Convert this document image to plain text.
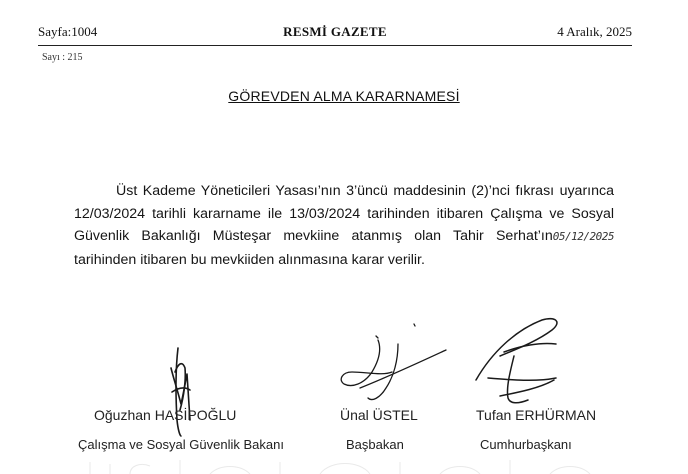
Sayfa:1004	RESMİ GAZETE	4 Aralık, 2025
Sayı : 215
GÖREVDEN ALMA KARARNAMESİ

Üst Kademe Yöneticileri Yasası’nın 3’üncü maddesinin (2)’nci fıkrası uyarınca 12/03/2024 tarihli kararname ile 13/03/2024 tarihinden itibaren Çalışma ve Sosyal Güvenlik Bakanlığı Müsteşar mevkiine atanmış olan Tahir Serhat’ın05/12/2025 tarihinden itibaren bu mevkiiden alınmasına karar verilir.

Oğuzhan HASİPOĞLU
Çalışma ve Sosyal Güvenlik Bakanı
Ünal ÜSTEL
Başbakan
Tufan ERHÜRMAN
Cumhurbaşkanı
